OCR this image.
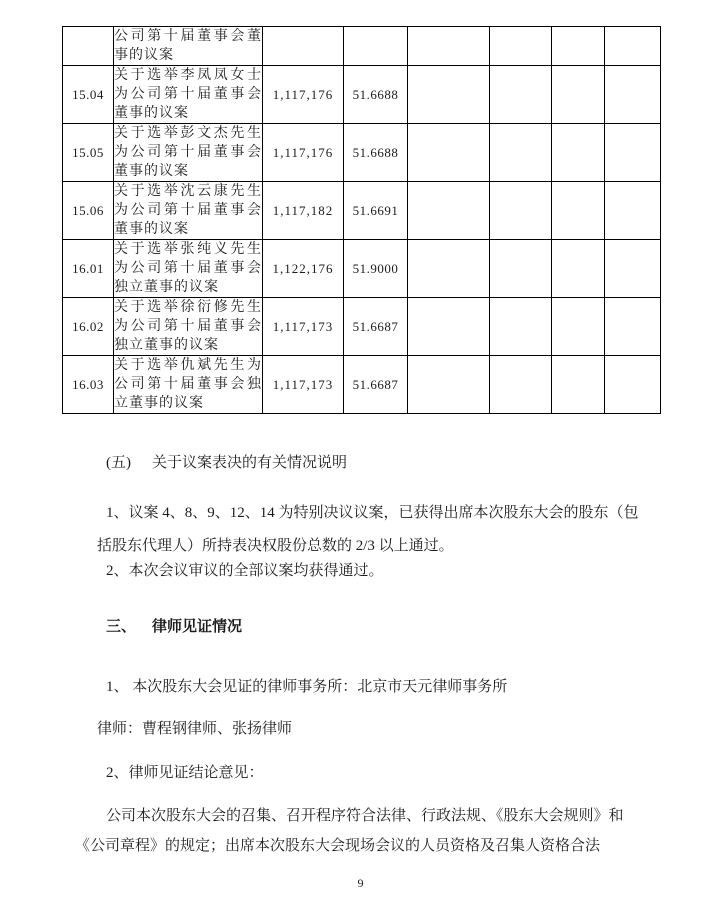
	公司第十届董事会董事的议案						
15.04	关于选举李凤凤女士为公司第十届董事会董事的议案	1,117,176	51.6688				
15.05	关于选举彭文杰先生为公司第十届董事会董事的议案	1,117,176	51.6688				
15.06	关于选举沈云康先生为公司第十届董事会董事的议案	1,117,182	51.6691				
16.01	关于选举张纯义先生为公司第十届董事会独立董事的议案	1,122,176	51.9000				
16.02	关于选举徐衍修先生为公司第十届董事会独立董事的议案	1,117,173	51.6687				
16.03	关于选举仇斌先生为公司第十届董事会独立董事的议案	1,117,173	51.6687				
(五) 关于议案表决的有关情况说明
1、议案 4、8、9、12、14 为特别决议议案，已获得出席本次股东大会的股东（包
括股东代理人）所持表决权股份总数的 2/3 以上通过。
2、本次会议审议的全部议案均获得通过。
三、 律师见证情况
1、 本次股东大会见证的律师事务所：北京市天元律师事务所
律师：曹程钢律师、张扬律师
2、律师见证结论意见：
公司本次股东大会的召集、召开程序符合法律、行政法规、《股东大会规则》和
《公司章程》的规定；出席本次股东大会现场会议的人员资格及召集人资格合法
9
